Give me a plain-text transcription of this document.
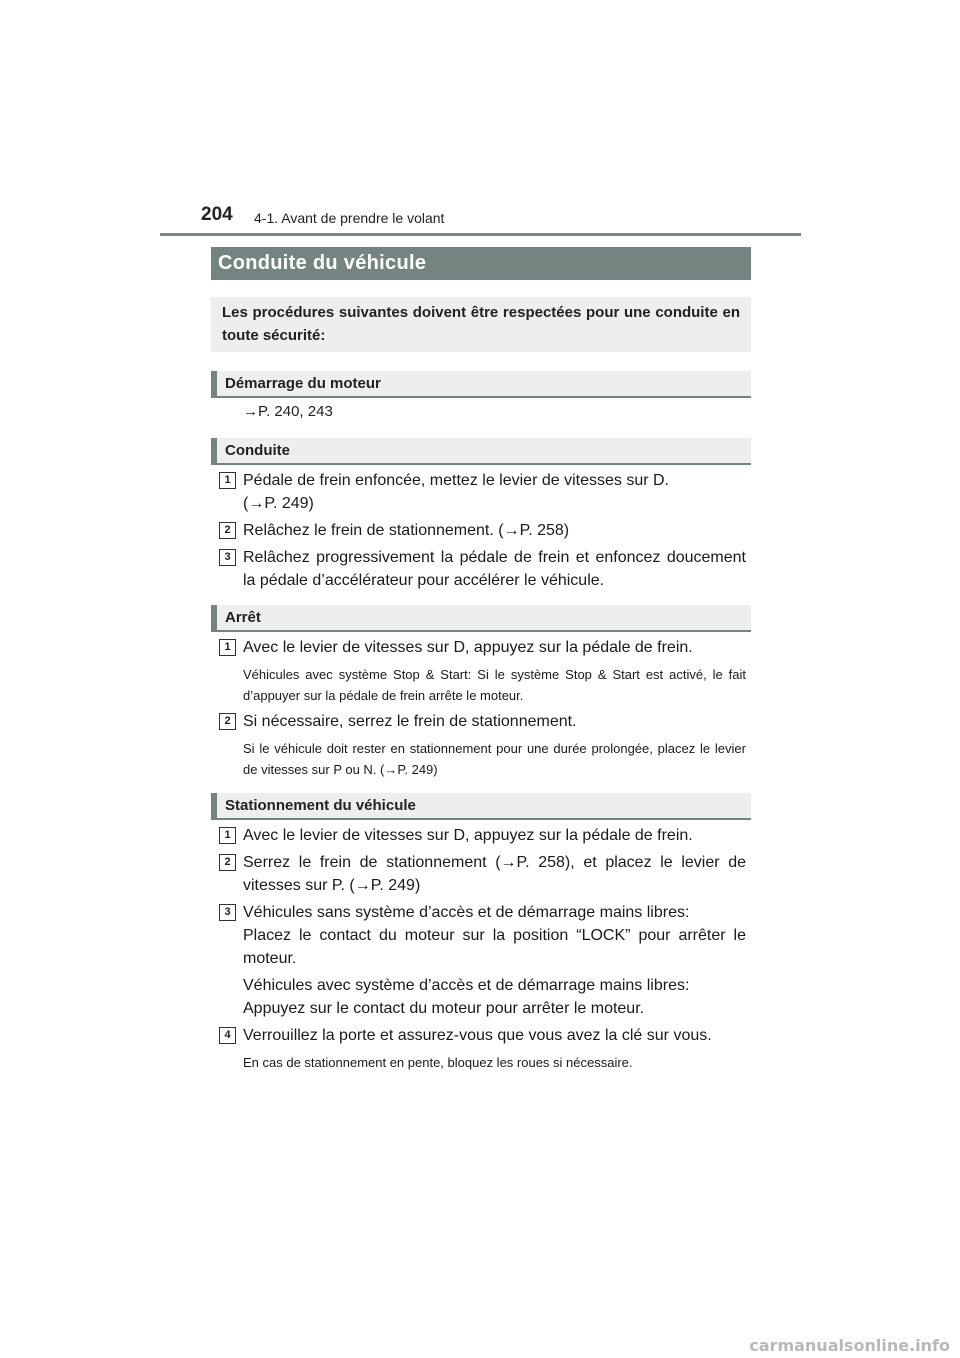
204 4-1. Avant de prendre le volant
Conduite du véhicule
Les procédures suivantes doivent être respectées pour une conduite en toute sécurité:
Démarrage du moteur
→P. 240, 243
Conduite
1 Pédale de frein enfoncée, mettez le levier de vitesses sur D. (→P. 249)

2 Relâchez le frein de stationnement. (→P. 258)

3 Relâchez progressivement la pédale de frein et enfoncez doucement la pédale d’accélérateur pour accélérer le véhicule.

Arrêt
1 Avec le levier de vitesses sur D, appuyez sur la pédale de frein.

Véhicules avec système Stop & Start: Si le système Stop & Start est activé, le fait d’appuyer sur la pédale de frein arrête le moteur.

2 Si nécessaire, serrez le frein de stationnement.

Si le véhicule doit rester en stationnement pour une durée prolongée, placez le levier de vitesses sur P ou N. (→P. 249)

Stationnement du véhicule
1 Avec le levier de vitesses sur D, appuyez sur la pédale de frein.

2 Serrez le frein de stationnement (→P. 258), et placez le levier de vitesses sur P. (→P. 249)

3 Véhicules sans système d’accès et de démarrage mains libres:

Placez le contact du moteur sur la position “LOCK” pour arrêter le moteur.

Véhicules avec système d’accès et de démarrage mains libres:

Appuyez sur le contact du moteur pour arrêter le moteur.

4 Verrouillez la porte et assurez-vous que vous avez la clé sur vous.

En cas de stationnement en pente, bloquez les roues si nécessaire.

carmanualsonline.info
